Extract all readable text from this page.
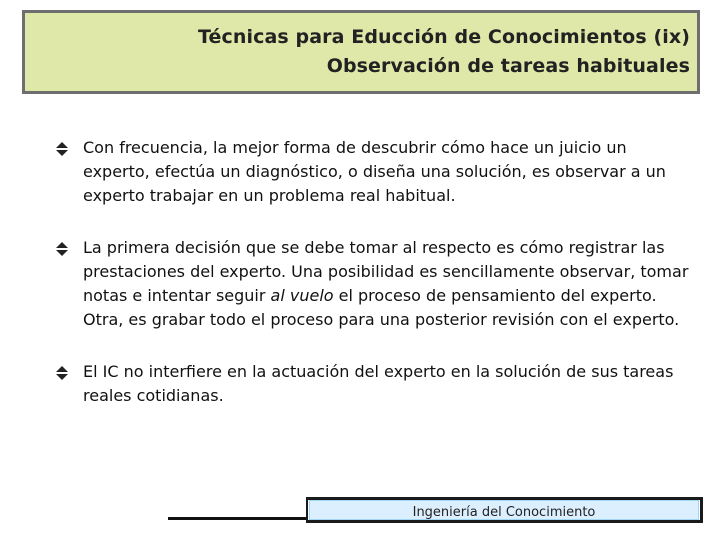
Técnicas para Educción de Conocimientos (ix)
Observación de tareas habituales
Con frecuencia, la mejor forma de descubrir cómo hace un juicio un experto, efectúa un diagnóstico, o diseña una solución, es observar a un experto trabajar en un problema real habitual.
La primera decisión que se debe tomar al respecto es cómo registrar las prestaciones del experto. Una posibilidad es sencillamente observar, tomar notas e intentar seguir al vuelo el proceso de pensamiento del experto. Otra, es grabar todo el proceso para una posterior revisión con el experto.
El IC no interfiere en la actuación del experto en la solución de sus tareas reales cotidianas.
Ingeniería del Conocimiento
